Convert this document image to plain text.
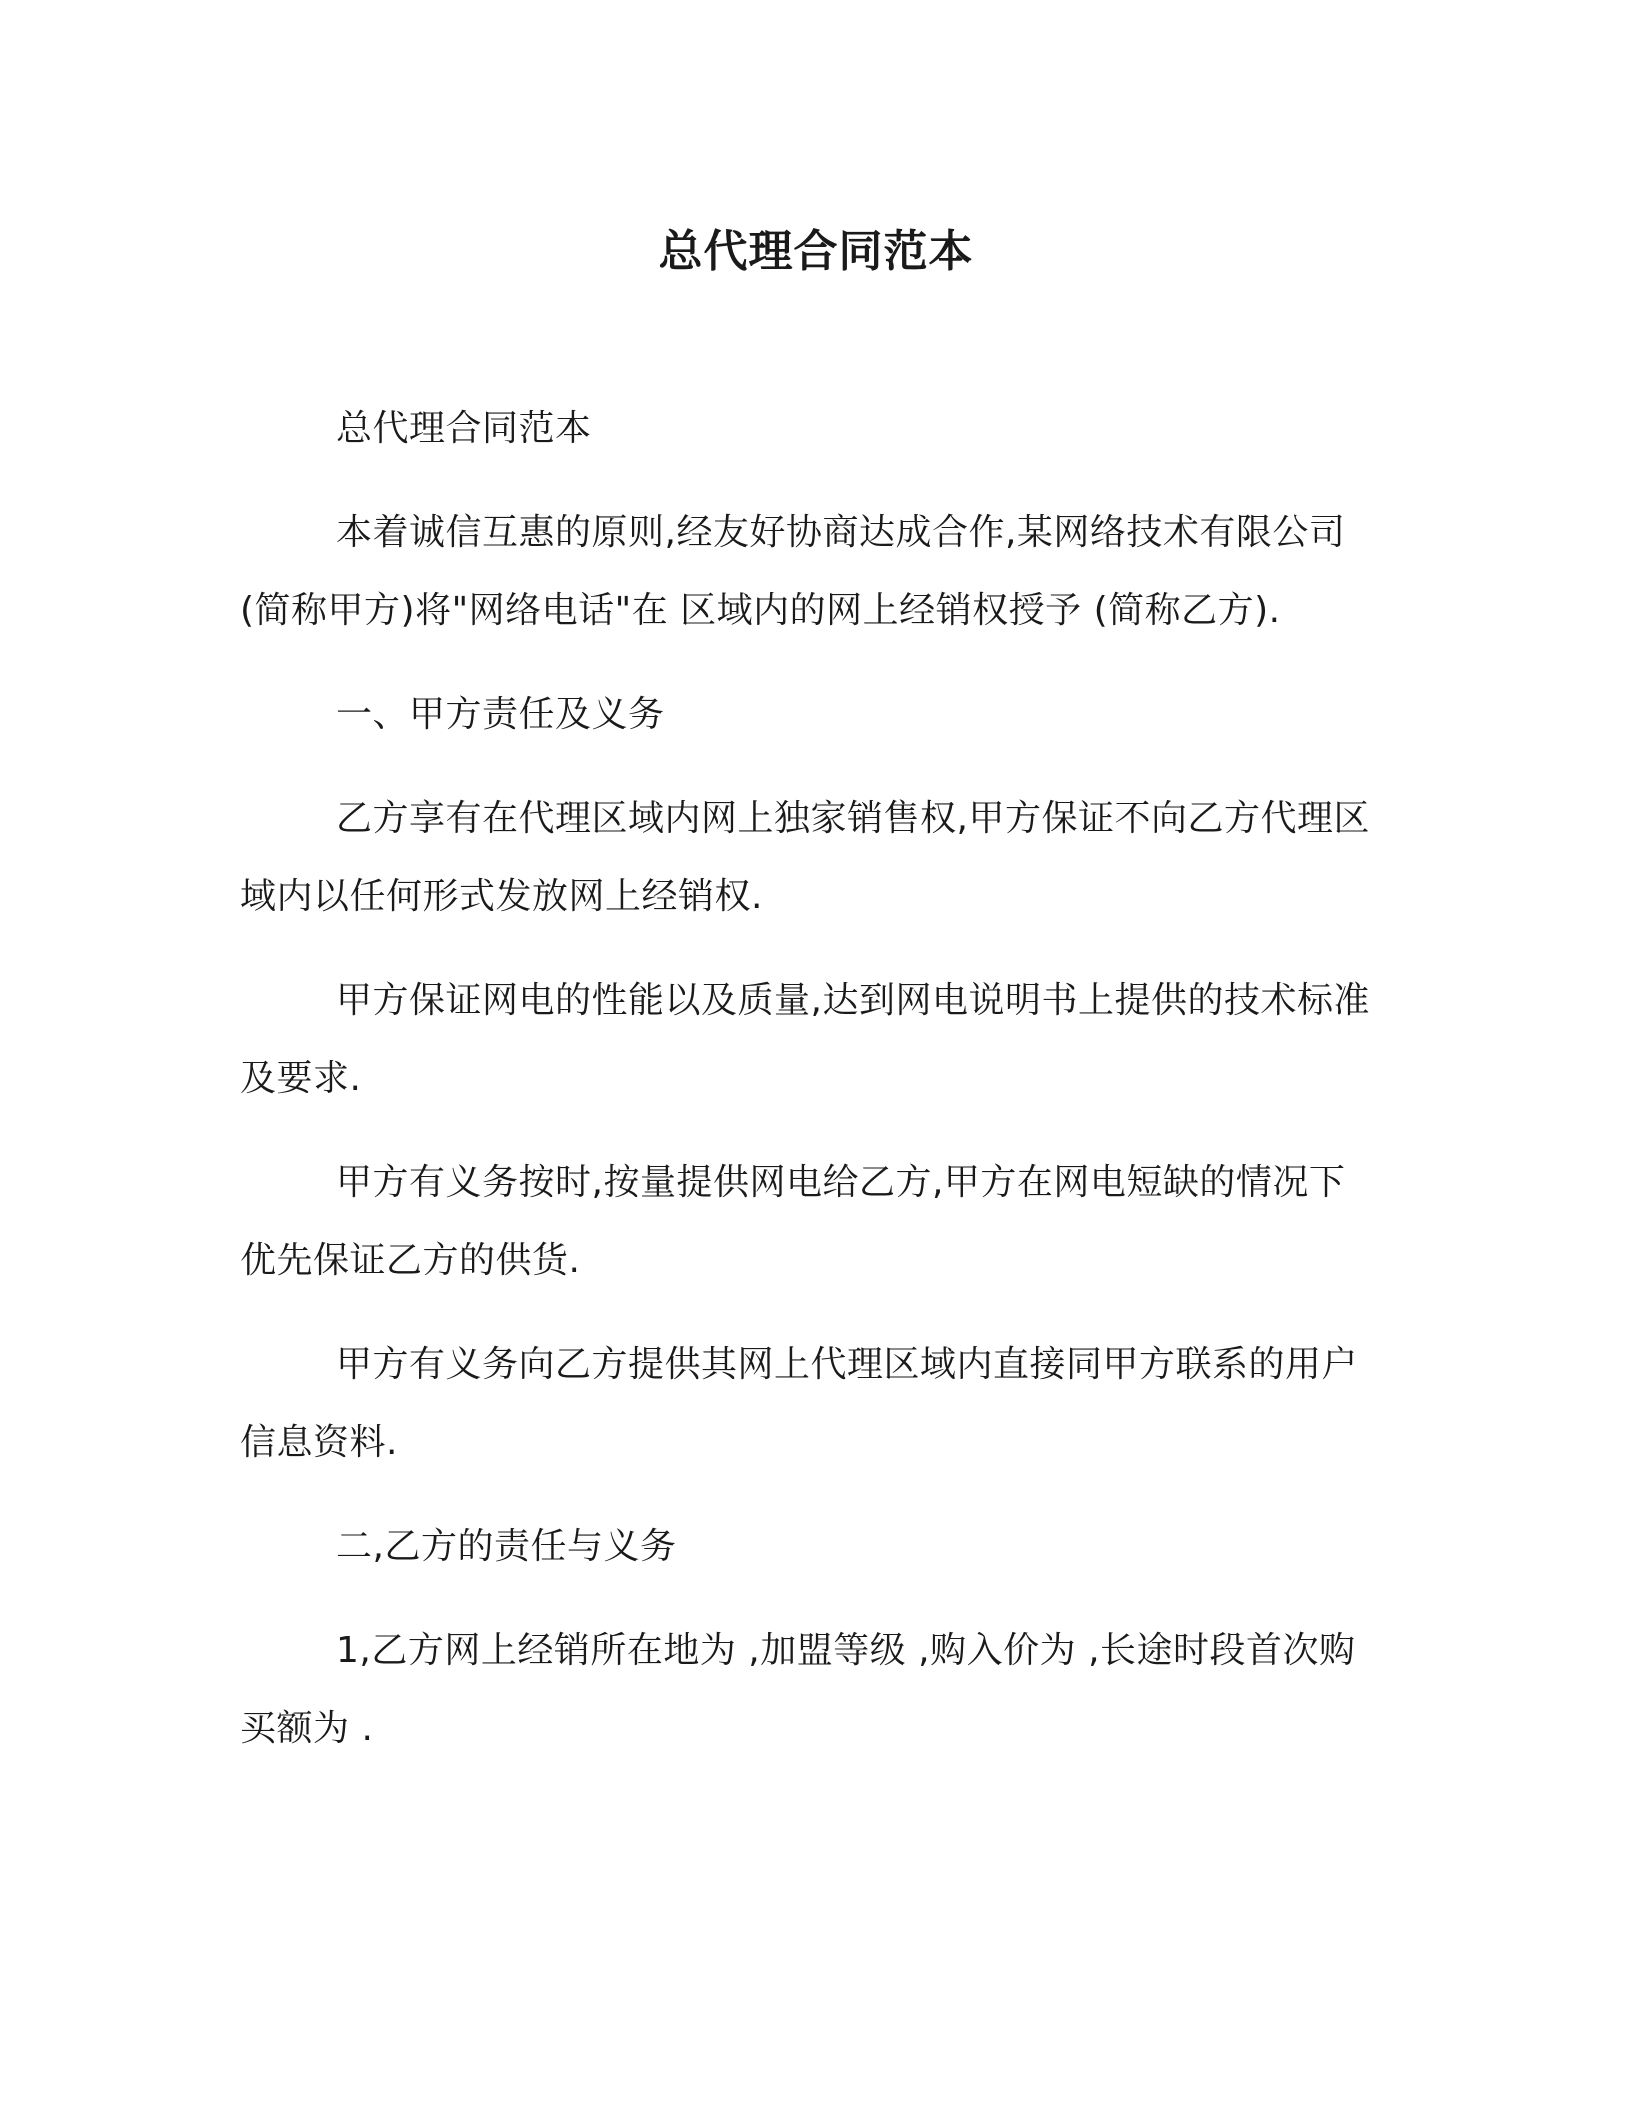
总代理合同范本

总代理合同范本

本着诚信互惠的原则,经友好协商达成合作,某网络技术有限公司(简称甲方)将"网络电话"在 区域内的网上经销权授予 (简称乙方).

一、甲方责任及义务

乙方享有在代理区域内网上独家销售权,甲方保证不向乙方代理区域内以任何形式发放网上经销权.

甲方保证网电的性能以及质量,达到网电说明书上提供的技术标准及要求.

甲方有义务按时,按量提供网电给乙方,甲方在网电短缺的情况下优先保证乙方的供货.

甲方有义务向乙方提供其网上代理区域内直接同甲方联系的用户信息资料.

二,乙方的责任与义务

1,乙方网上经销所在地为 ,加盟等级 ,购入价为 ,长途时段首次购买额为 .
